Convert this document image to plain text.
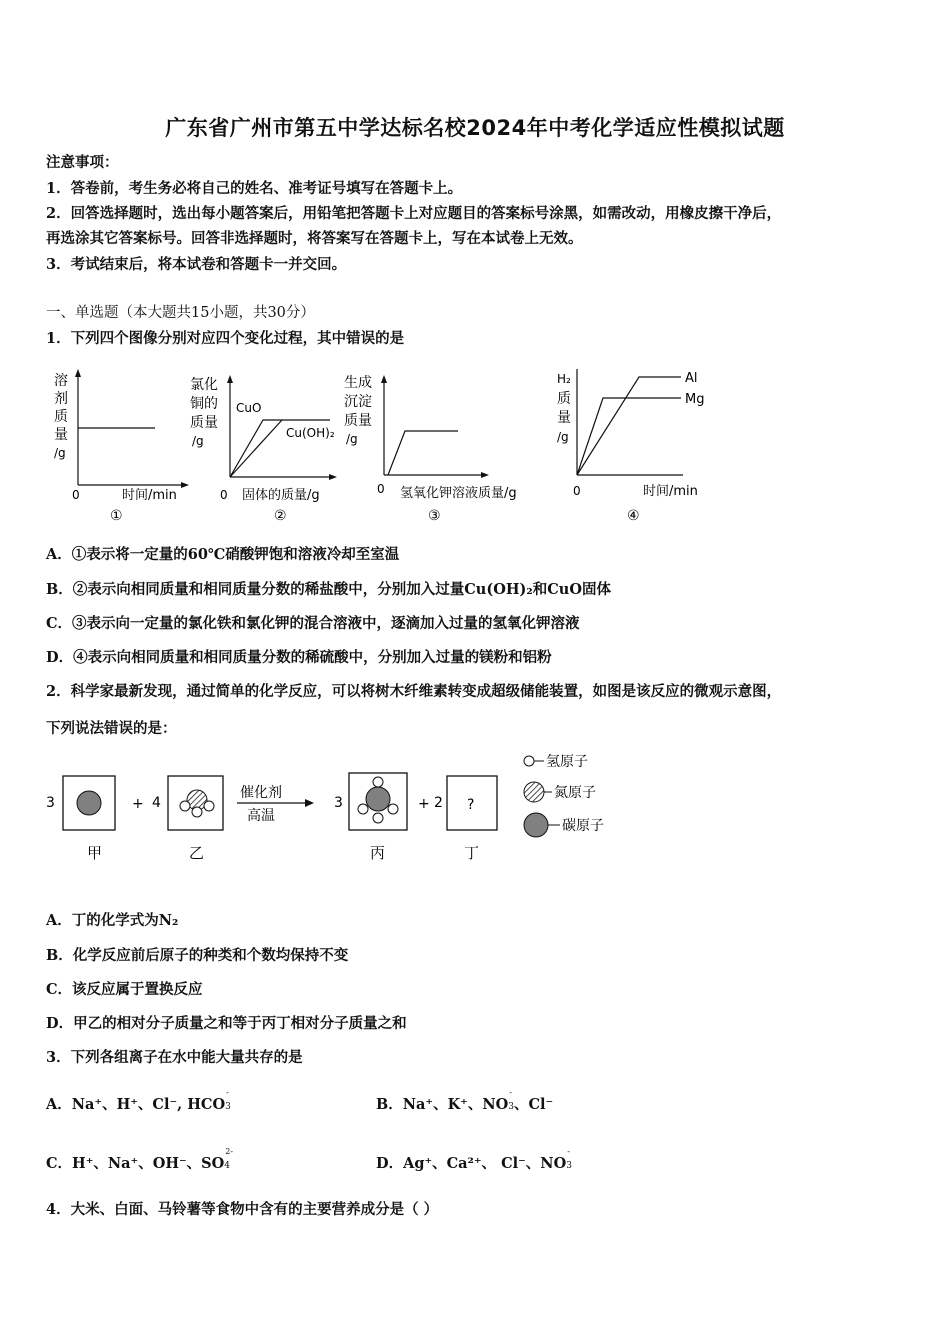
广东省广州市第五中学达标名校2024年中考化学适应性模拟试题
注意事项：
1．答卷前，考生务必将自己的姓名、准考证号填写在答题卡上。
2．回答选择题时，选出每小题答案后，用铅笔把答题卡上对应题目的答案标号涂黑，如需改动，用橡皮擦干净后，
再选涂其它答案标号。回答非选择题时，将答案写在答题卡上，写在本试卷上无效。
3．考试结束后，将本试卷和答题卡一并交回。
一、单选题（本大题共15小题，共30分）
1．下列四个图像分别对应四个变化过程，其中错误的是
溶
剂
质
量
/g
0	时间/min
①
氯化
铜的
质量
/g
CuO
Cu(OH)₂
0 固体的质量/g
②
生成
沉淀
质量
/g
0 氢氧化钾溶液质量/g
③
H₂
质
量
/g
Al
Mg
0	时间/min
④
A．①表示将一定量的60℃硝酸钾饱和溶液冷却至室温
B．②表示向相同质量和相同质量分数的稀盐酸中，分别加入过量Cu(OH)₂和CuO固体
C．③表示向一定量的氯化铁和氯化钾的混合溶液中，逐滴加入过量的氢氧化钾溶液
D．④表示向相同质量和相同质量分数的稀硫酸中，分别加入过量的镁粉和铝粉
2．科学家最新发现，通过简单的化学反应，可以将树木纤维素转变成超级储能装置，如图是该反应的微观示意图，
下列说法错误的是：
3
甲
+ 4
乙
催化剂
高温
3
丙
+ 2 ?
丁
氢原子
氮原子
碳原子
A．丁的化学式为N₂
B．化学反应前后原子的种类和个数均保持不变
C．该反应属于置换反应
D．甲乙的相对分子质量之和等于丙丁相对分子质量之和
3．下列各组离子在水中能大量共存的是
A．Na⁺、H⁺、Cl⁻, HCO
-
3	B．Na⁺、K⁺、NO
-
3、Cl⁻
C．H⁺、Na⁺、OH⁻、SO
2-
4	D．Ag⁺、Ca²⁺、 Cl⁻、NO
-
3
4．大米、白面、马铃薯等食物中含有的主要营养成分是（ ）
